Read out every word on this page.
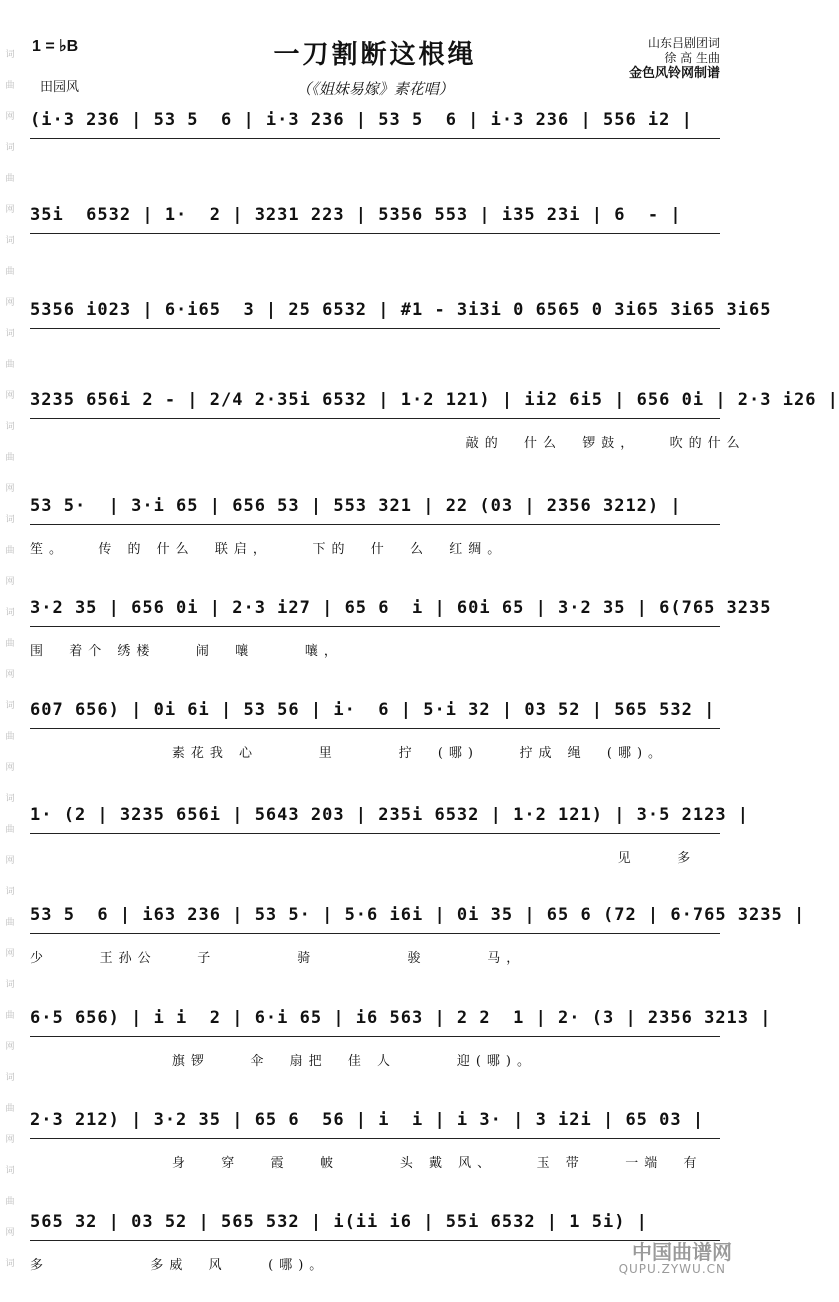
词
曲
网
词
曲
网
词
曲
网
词
曲
网
词
曲
网
词
曲
网
词
曲
网
词
曲
网
词
曲
网
词
曲
网
词
曲
网
词
曲
网
词
曲
网
词
1 = ♭B
田园风
一刀割断这根绳
（《姐妹易嫁》素花唱）
山东吕剧团词
徐 高 生曲
金色风铃网制谱
(i·3 236 | 53 5  6 | i·3 236 | 53 5  6 | i·3 236 | 556 i2 |
35i  6532 | 1·  2 | 3231 223 | 5356 553 | i35 23i | 6  - |
5356 i023 | 6·i65  3 | 25 6532 | #1 - 3i3i 0 6565 0 3i65 3i65 3i65
3235 656i 2 - | 2/4 2·35i 6532 | 1·2 121) | ii2 6i5 | 656 0i | 2·3 i26 |
敲的  什么  锣鼓，   吹的什么
53 5·  | 3·i 65 | 656 53 | 553 321 | 22 (03 | 2356 3212) |
笙。   传 的 什么  联启，    下的  什  么  红绸。
3·2 35 | 656 0i | 2·3 i27 | 65 6  i | 60i 65 | 3·2 35 | 6(765 3235
围  着个 绣楼    闹  嚷     嚷，
607 656) | 0i 6i | 53 56 | i·  6 | 5·i 32 | 03 52 | 565 532 |
素花我 心      里      拧  (哪)    拧成 绳  (哪)。
1· (2 | 3235 656i | 5643 203 | 235i 6532 | 1·2 121) | 3·5 2123 |
见    多
53 5  6 | i63 236 | 53 5· | 5·6 i6i | 0i 35 | 65 6 (72 | 6·765 3235 |
少     王孙公    子        骑         骏      马，
6·5 656) | i i  2 | 6·i 65 | i6 563 | 2 2  1 | 2· (3 | 2356 3213 |
旗锣    伞  扇把  佳 人      迎(哪)。
2·3 212) | 3·2 35 | 65 6  56 | i  i | i 3· | 3 i2i | 65 03 |
身   穿   霞   帔      头 戴 风、    玉 带    一端  有
565 32 | 03 52 | 565 532 | i(ii i6 | 55i 6532 | 1 5i) |
多          多威  风    (哪)。
中国曲谱网
QUPU.ZYWU.CN
